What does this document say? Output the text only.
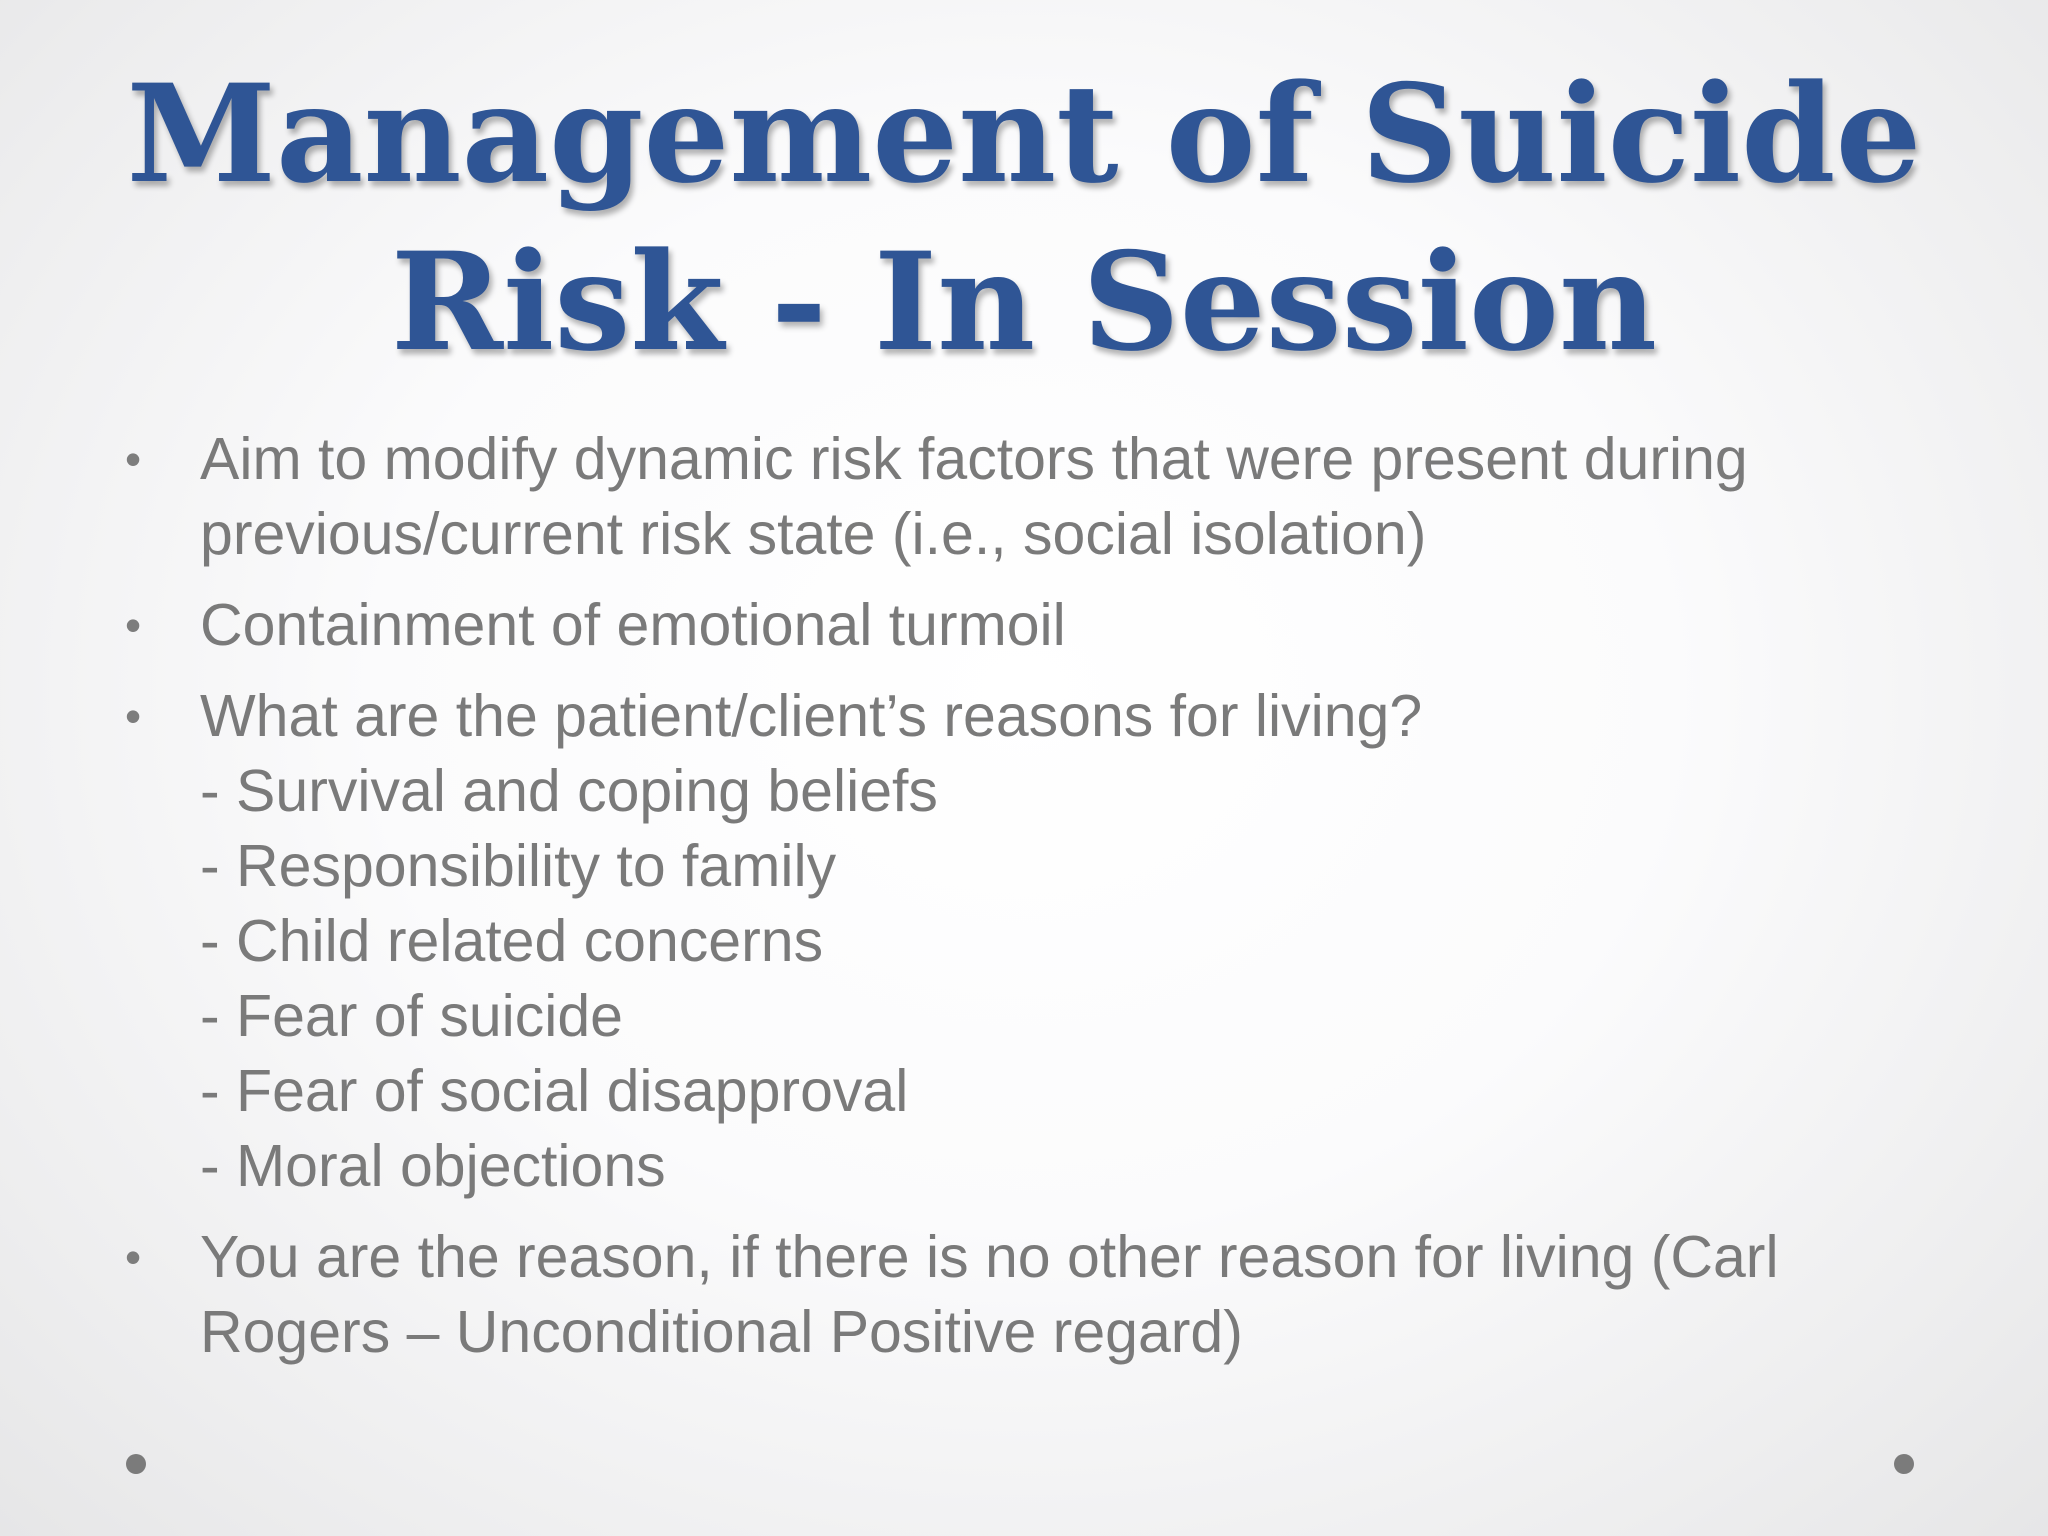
Management of Suicide
Risk - In Session
• Aim to modify dynamic risk factors that were present during
previous/current risk state (i.e., social isolation)
• Containment of emotional turmoil
• What are the patient/client’s reasons for living?
- Survival and coping beliefs
- Responsibility to family
- Child related concerns
- Fear of suicide
- Fear of social disapproval
- Moral objections
• You are the reason, if there is no other reason for living (Carl
Rogers – Unconditional Positive regard)
